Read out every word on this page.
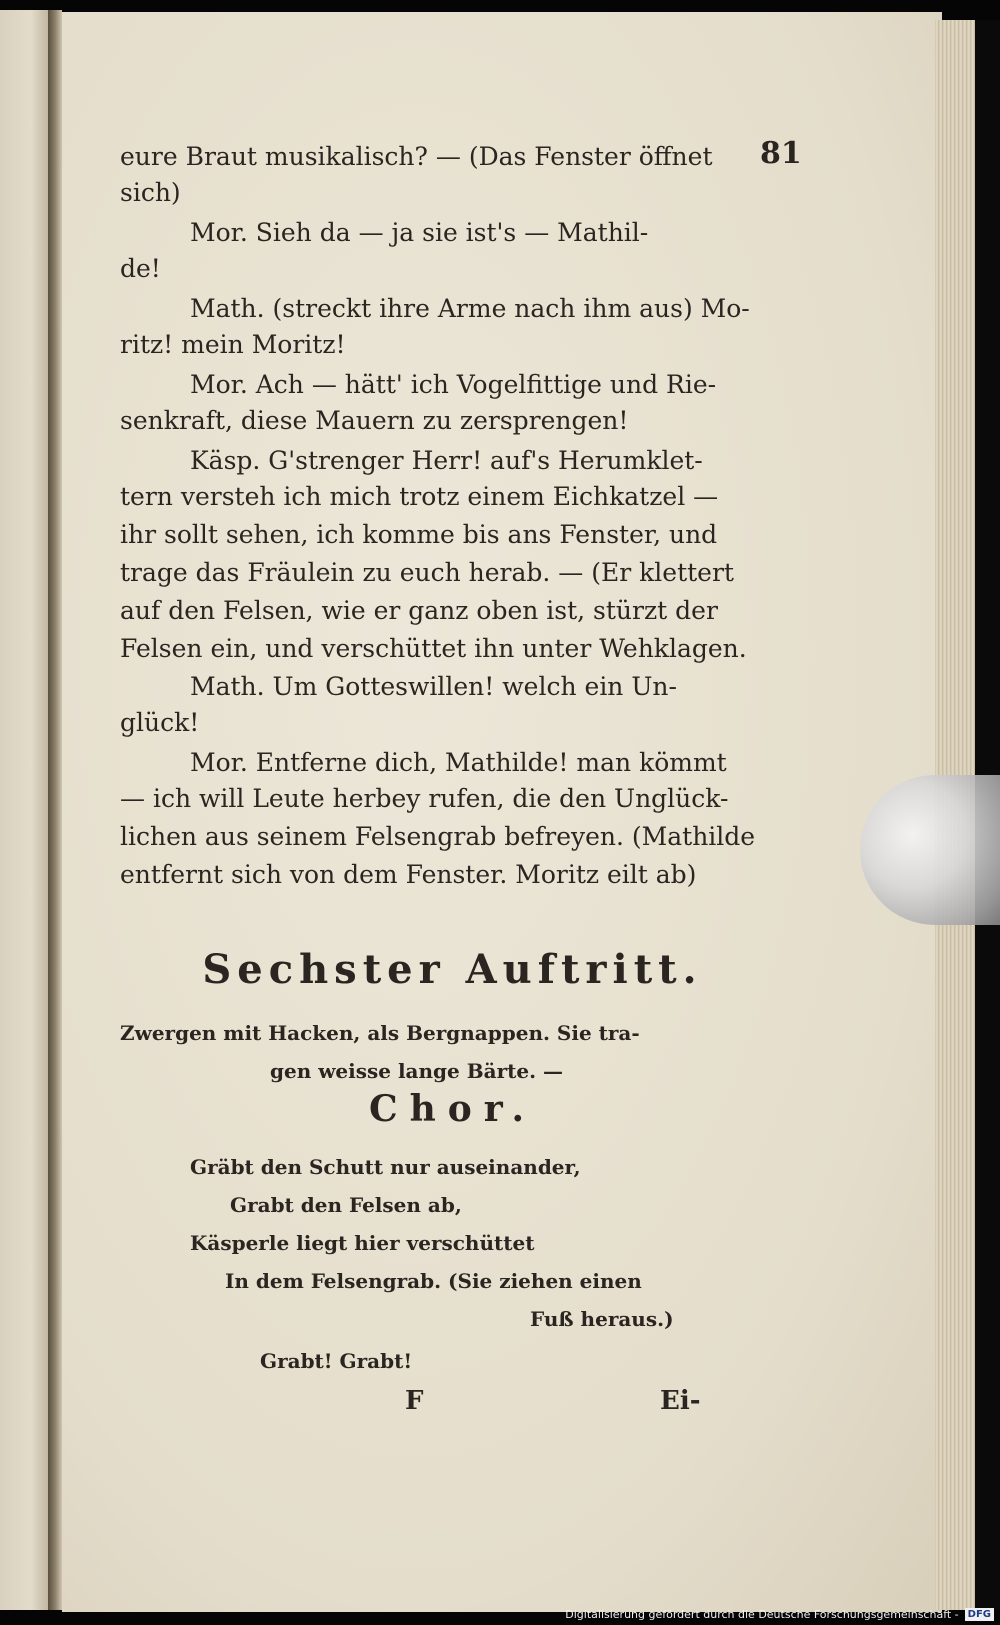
81
Sechster Auftritt.
Chor.
F	Ei-
eure Braut musikalisch? — (Das Fenster öffnet
sich)
Mor. Sieh da — ja sie ist's — Mathil-
de!
Math. (streckt ihre Arme nach ihm aus) Mo-
ritz! mein Moritz!
Mor. Ach — hätt' ich Vogelfittige und Rie-
senkraft, diese Mauern zu zersprengen!
Käsp. G'strenger Herr! auf's Herumklet-
tern versteh ich mich trotz einem Eichkatzel —
ihr sollt sehen, ich komme bis ans Fenster, und
trage das Fräulein zu euch herab. — (Er klettert
auf den Felsen, wie er ganz oben ist, stürzt der
Felsen ein, und verschüttet ihn unter Wehklagen.
Math. Um Gotteswillen! welch ein Un-
glück!
Mor. Entferne dich, Mathilde! man kömmt
— ich will Leute herbey rufen, die den Unglück-
lichen aus seinem Felsengrab befreyen. (Mathilde
entfernt sich von dem Fenster. Moritz eilt ab)
Zwergen mit Hacken, als Bergnappen. Sie tra-
gen weisse lange Bärte. —
Gräbt den Schutt nur auseinander,
Grabt den Felsen ab,
Käsperle liegt hier verschüttet
In dem Felsengrab. (Sie ziehen einen
Fuß heraus.)
Grabt! Grabt!
Digitalisierung gefördert durch die Deutsche Forschungsgemeinschaft - DFG
